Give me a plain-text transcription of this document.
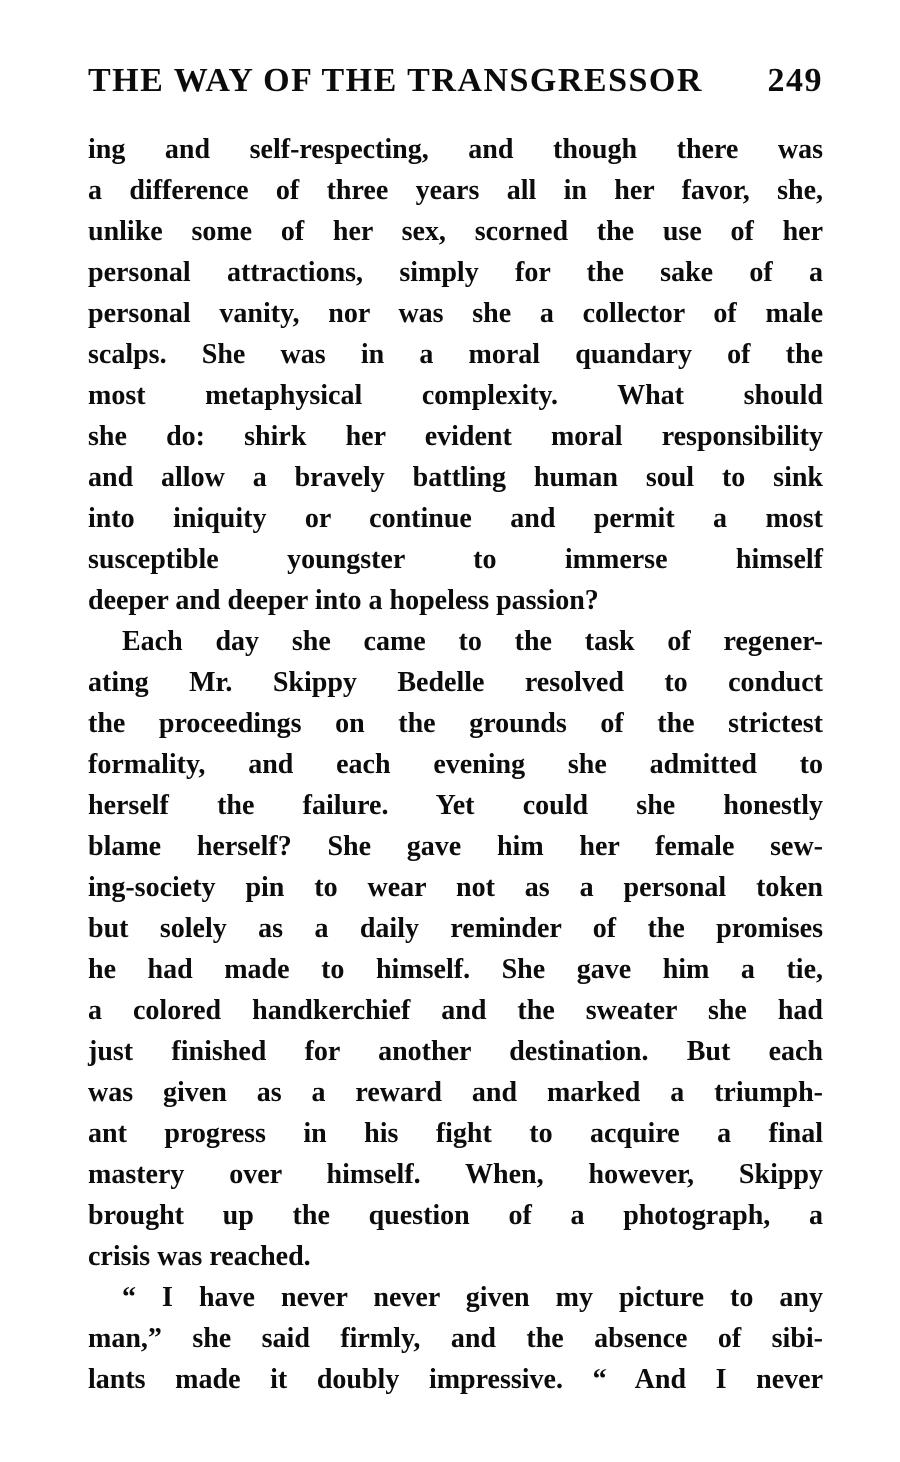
THE WAY OF THE TRANSGRESSOR 249
ing and self-respecting, and though there was
a difference of three years all in her favor, she,
unlike some of her sex, scorned the use of her
personal attractions, simply for the sake of a
personal vanity, nor was she a collector of male
scalps. She was in a moral quandary of the
most metaphysical complexity. What should
she do: shirk her evident moral responsibility
and allow a bravely battling human soul to sink
into iniquity or continue and permit a most
susceptible youngster to immerse himself
deeper and deeper into a hopeless passion?
Each day she came to the task of regener-
ating Mr. Skippy Bedelle resolved to conduct
the proceedings on the grounds of the strictest
formality, and each evening she admitted to
herself the failure. Yet could she honestly
blame herself? She gave him her female sew-
ing-society pin to wear not as a personal token
but solely as a daily reminder of the promises
he had made to himself. She gave him a tie,
a colored handkerchief and the sweater she had
just finished for another destination. But each
was given as a reward and marked a triumph-
ant progress in his fight to acquire a final
mastery over himself. When, however, Skippy
brought up the question of a photograph, a
crisis was reached.
“ I have never never given my picture to any
man,” she said firmly, and the absence of sibi-
lants made it doubly impressive. “ And I never
